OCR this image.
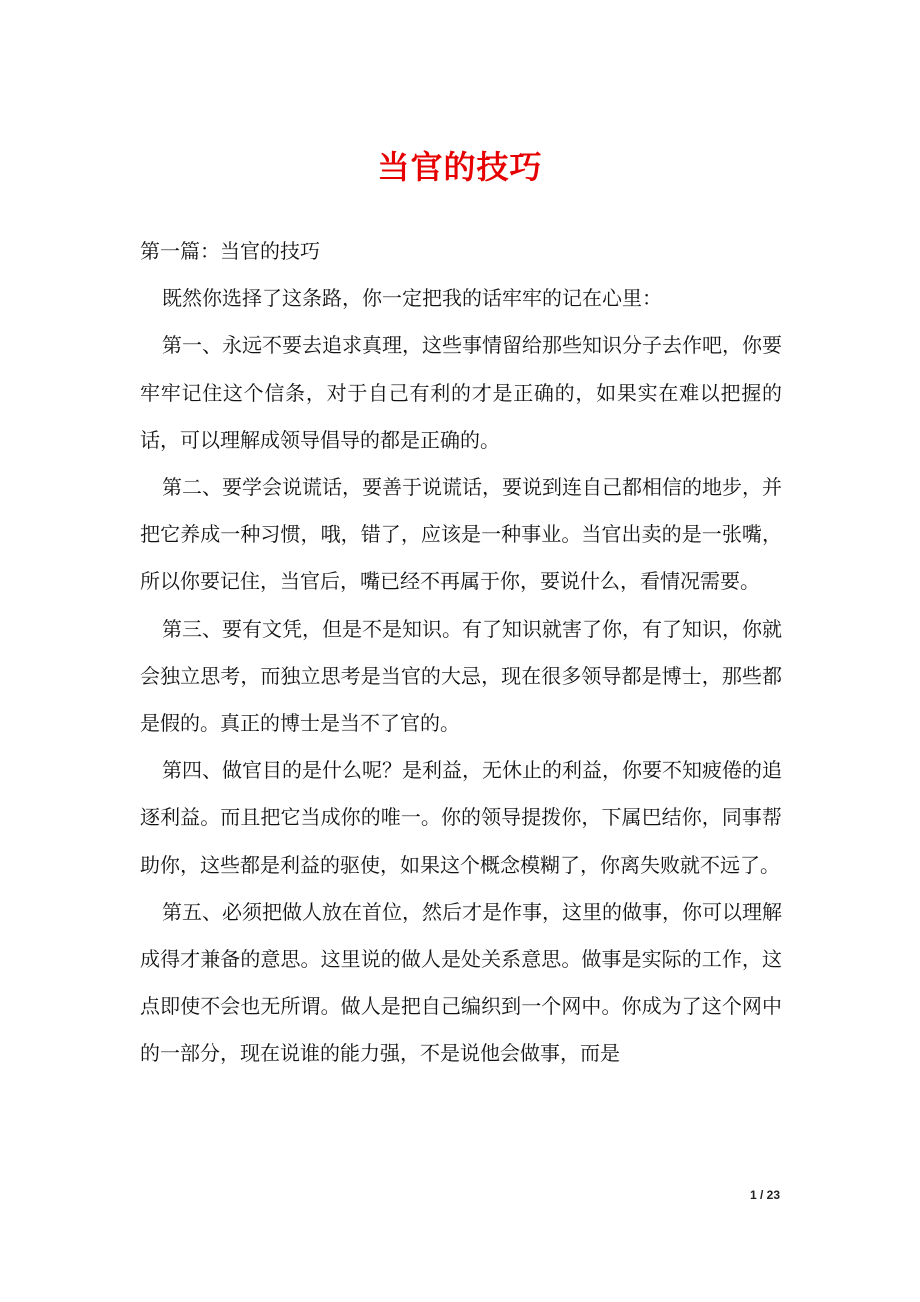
当官的技巧

第一篇：当官的技巧

既然你选择了这条路，你一定把我的话牢牢的记在心里：

第一、永远不要去追求真理，这些事情留给那些知识分子去作吧，你要牢牢记住这个信条，对于自己有利的才是正确的，如果实在难以把握的话，可以理解成领导倡导的都是正确的。

第二、要学会说谎话，要善于说谎话，要说到连自己都相信的地步，并把它养成一种习惯，哦，错了，应该是一种事业。当官出卖的是一张嘴，所以你要记住，当官后，嘴已经不再属于你，要说什么，看情况需要。

第三、要有文凭，但是不是知识。有了知识就害了你，有了知识，你就会独立思考，而独立思考是当官的大忌，现在很多领导都是博士，那些都是假的。真正的博士是当不了官的。

第四、做官目的是什么呢？是利益，无休止的利益，你要不知疲倦的追逐利益。而且把它当成你的唯一。你的领导提拨你，下属巴结你，同事帮助你，这些都是利益的驱使，如果这个概念模糊了，你离失败就不远了。

第五、必须把做人放在首位，然后才是作事，这里的做事，你可以理解成得才兼备的意思。这里说的做人是处关系意思。做事是实际的工作，这点即使不会也无所谓。做人是把自己编织到一个网中。你成为了这个网中的一部分，现在说谁的能力强，不是说他会做事，而是

1 / 23
